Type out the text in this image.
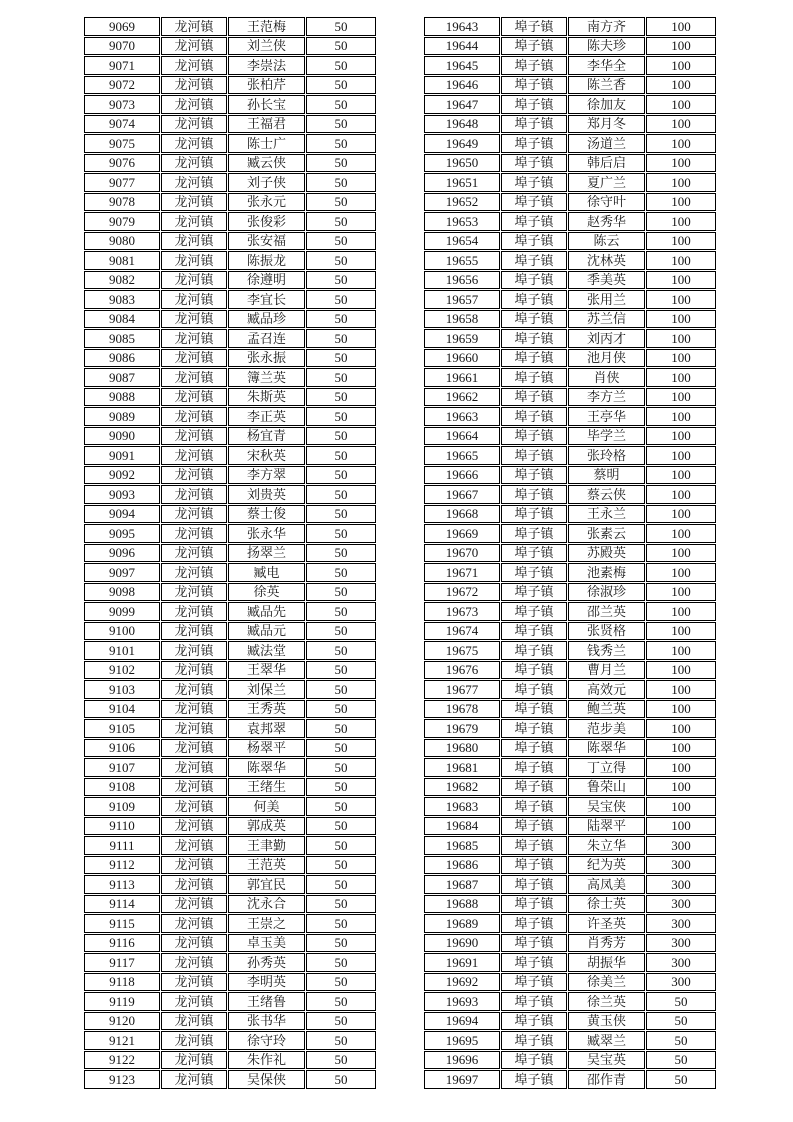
9069	龙河镇	王范梅	50
9070	龙河镇	刘兰侠	50
9071	龙河镇	李崇法	50
9072	龙河镇	张柏芹	50
9073	龙河镇	孙长宝	50
9074	龙河镇	王福君	50
9075	龙河镇	陈士广	50
9076	龙河镇	臧云侠	50
9077	龙河镇	刘子侠	50
9078	龙河镇	张永元	50
9079	龙河镇	张俊彩	50
9080	龙河镇	张安福	50
9081	龙河镇	陈振龙	50
9082	龙河镇	徐遵明	50
9083	龙河镇	李宜长	50
9084	龙河镇	臧品珍	50
9085	龙河镇	孟召连	50
9086	龙河镇	张永振	50
9087	龙河镇	簿兰英	50
9088	龙河镇	朱斯英	50
9089	龙河镇	李正英	50
9090	龙河镇	杨宜青	50
9091	龙河镇	宋秋英	50
9092	龙河镇	李方翠	50
9093	龙河镇	刘贵英	50
9094	龙河镇	蔡士俊	50
9095	龙河镇	张永华	50
9096	龙河镇	扬翠兰	50
9097	龙河镇	臧电	50
9098	龙河镇	徐英	50
9099	龙河镇	臧品先	50
9100	龙河镇	臧品元	50
9101	龙河镇	臧法堂	50
9102	龙河镇	王翠华	50
9103	龙河镇	刘保兰	50
9104	龙河镇	王秀英	50
9105	龙河镇	袁邦翠	50
9106	龙河镇	杨翠平	50
9107	龙河镇	陈翠华	50
9108	龙河镇	王绪生	50
9109	龙河镇	何美	50
9110	龙河镇	郭成英	50
9111	龙河镇	王聿勤	50
9112	龙河镇	王范英	50
9113	龙河镇	郭宜民	50
9114	龙河镇	沈永合	50
9115	龙河镇	王崇之	50
9116	龙河镇	卓玉美	50
9117	龙河镇	孙秀英	50
9118	龙河镇	李明英	50
9119	龙河镇	王绪鲁	50
9120	龙河镇	张书华	50
9121	龙河镇	徐守玲	50
9122	龙河镇	朱作礼	50
9123	龙河镇	吴保侠	50
19643	埠子镇	南方齐	100
19644	埠子镇	陈夫珍	100
19645	埠子镇	李华全	100
19646	埠子镇	陈兰香	100
19647	埠子镇	徐加友	100
19648	埠子镇	郑月冬	100
19649	埠子镇	汤道兰	100
19650	埠子镇	韩后启	100
19651	埠子镇	夏广兰	100
19652	埠子镇	徐守叶	100
19653	埠子镇	赵秀华	100
19654	埠子镇	陈云	100
19655	埠子镇	沈林英	100
19656	埠子镇	季美英	100
19657	埠子镇	张用兰	100
19658	埠子镇	苏兰信	100
19659	埠子镇	刘丙才	100
19660	埠子镇	池月侠	100
19661	埠子镇	肖侠	100
19662	埠子镇	李方兰	100
19663	埠子镇	王亭华	100
19664	埠子镇	毕学兰	100
19665	埠子镇	张玲格	100
19666	埠子镇	蔡明	100
19667	埠子镇	蔡云侠	100
19668	埠子镇	王永兰	100
19669	埠子镇	张素云	100
19670	埠子镇	苏殿英	100
19671	埠子镇	池素梅	100
19672	埠子镇	徐淑珍	100
19673	埠子镇	邵兰英	100
19674	埠子镇	张贤格	100
19675	埠子镇	钱秀兰	100
19676	埠子镇	曹月兰	100
19677	埠子镇	高效元	100
19678	埠子镇	鲍兰英	100
19679	埠子镇	范步美	100
19680	埠子镇	陈翠华	100
19681	埠子镇	丁立得	100
19682	埠子镇	鲁荣山	100
19683	埠子镇	吴宝侠	100
19684	埠子镇	陆翠平	100
19685	埠子镇	朱立华	300
19686	埠子镇	纪为英	300
19687	埠子镇	高凤美	300
19688	埠子镇	徐士英	300
19689	埠子镇	许圣英	300
19690	埠子镇	肖秀芳	300
19691	埠子镇	胡振华	300
19692	埠子镇	徐美兰	300
19693	埠子镇	徐兰英	50
19694	埠子镇	黄玉侠	50
19695	埠子镇	臧翠兰	50
19696	埠子镇	吴宝英	50
19697	埠子镇	邵作青	50
